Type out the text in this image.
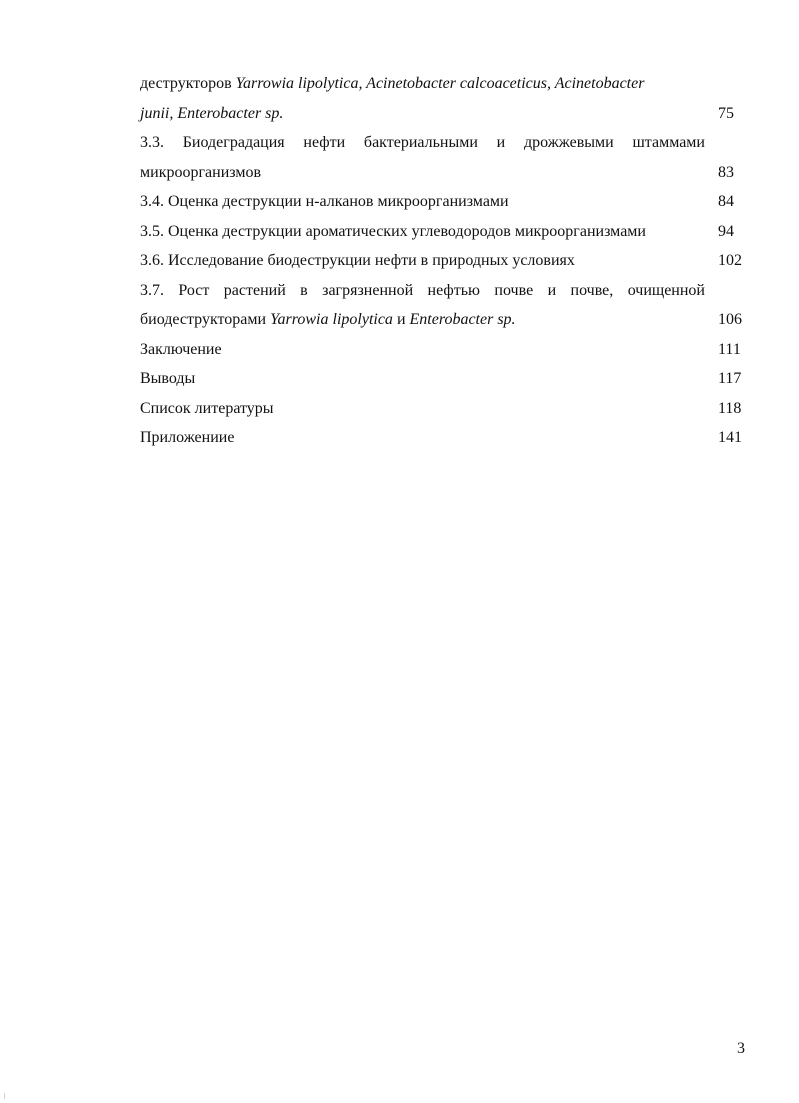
деструкторов Yarrowia lipolytica, Acinetobacter calcoaceticus, Acinetobacter
junii, Enterobacter sp.	75
3.3. Биодеградация нефти бактериальными и дрожжевыми штаммами
микроорганизмов	83
3.4. Оценка деструкции н-алканов микроорганизмами	84
3.5. Оценка деструкции ароматических углеводородов микроорганизмами	94
3.6. Исследование биодеструкции нефти в природных условиях	102
3.7. Рост растений в загрязненной нефтью почве и почве, очищенной
биодеструкторами Yarrowia lipolytica и Enterobacter sp.	106
Заключение	111
Выводы	117
Список литературы	118
Приложениие	141
3
